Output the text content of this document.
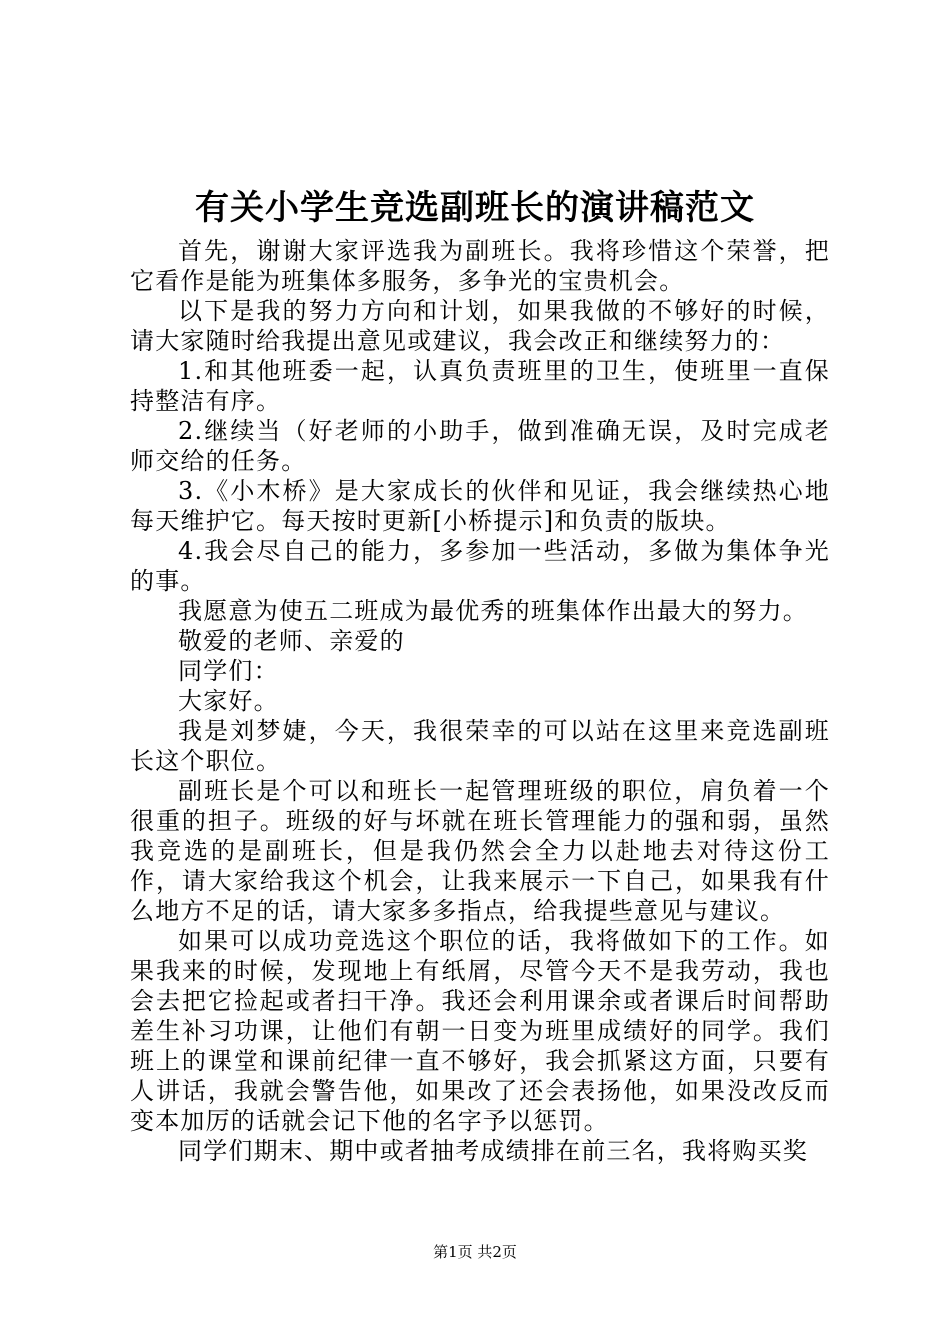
有关小学生竞选副班长的演讲稿范文

首先，谢谢大家评选我为副班长。我将珍惜这个荣誉，把它看作是能为班集体多服务，多争光的宝贵机会。

以下是我的努力方向和计划，如果我做的不够好的时候，请大家随时给我提出意见或建议，我会改正和继续努力的：

1.和其他班委一起，认真负责班里的卫生，使班里一直保持整洁有序。

2.继续当（好老师的小助手，做到准确无误，及时完成老师交给的任务。

3.《小木桥》是大家成长的伙伴和见证，我会继续热心地每天维护它。每天按时更新[小桥提示]和负责的版块。

4.我会尽自己的能力，多参加一些活动，多做为集体争光的事。

我愿意为使五二班成为最优秀的班集体作出最大的努力。

敬爱的老师、亲爱的

同学们：

大家好。

我是刘梦婕，今天，我很荣幸的可以站在这里来竞选副班长这个职位。

副班长是个可以和班长一起管理班级的职位，肩负着一个很重的担子。班级的好与坏就在班长管理能力的强和弱，虽然我竞选的是副班长，但是我仍然会全力以赴地去对待这份工作，请大家给我这个机会，让我来展示一下自己，如果我有什么地方不足的话，请大家多多指点，给我提些意见与建议。

如果可以成功竞选这个职位的话，我将做如下的工作。如果我来的时候，发现地上有纸屑，尽管今天不是我劳动，我也会去把它捡起或者扫干净。我还会利用课余或者课后时间帮助差生补习功课，让他们有朝一日变为班里成绩好的同学。我们班上的课堂和课前纪律一直不够好，我会抓紧这方面，只要有人讲话，我就会警告他，如果改了还会表扬他，如果没改反而变本加厉的话就会记下他的名字予以惩罚。

同学们期末、期中或者抽考成绩排在前三名，我将购买奖

第1页 共2页
